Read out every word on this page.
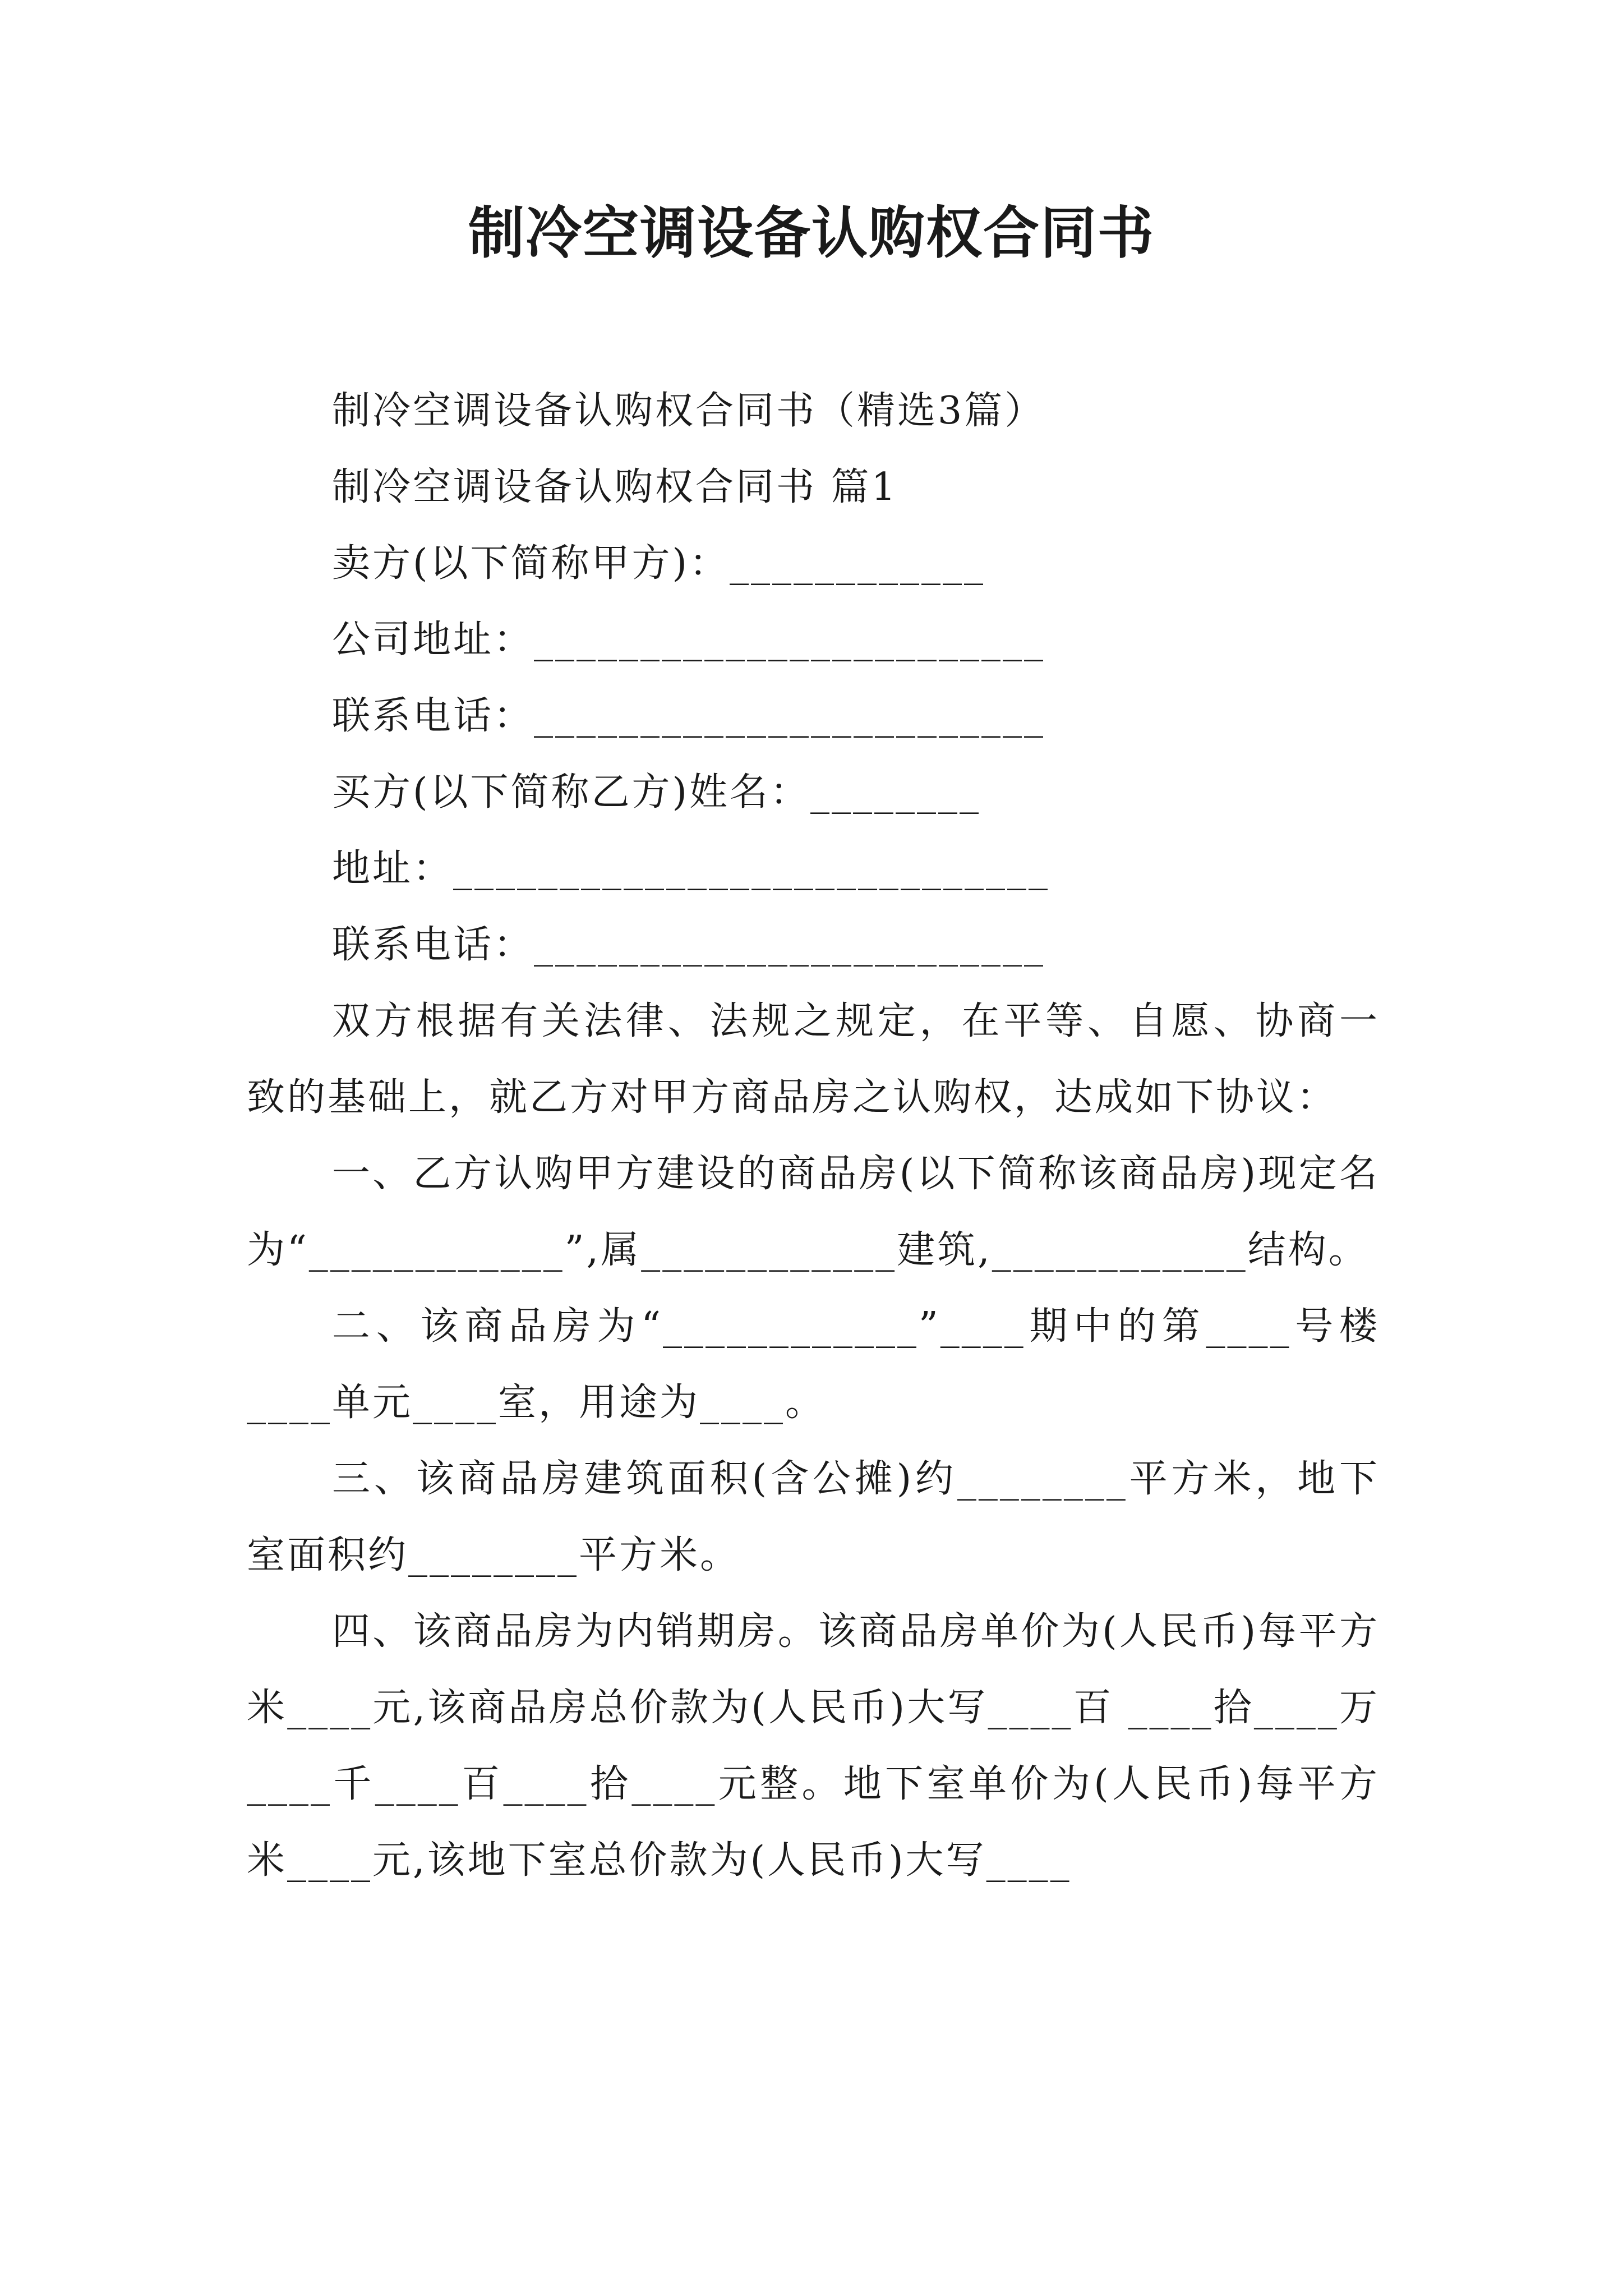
制冷空调设备认购权合同书

制冷空调设备认购权合同书（精选3篇）

制冷空调设备认购权合同书 篇1

卖方(以下简称甲方)：____________

公司地址：________________________

联系电话：________________________

买方(以下简称乙方)姓名：________

地址：____________________________

联系电话：________________________

双方根据有关法律、法规之规定，在平等、自愿、协商一致的基础上，就乙方对甲方商品房之认购权，达成如下协议：

一、乙方认购甲方建设的商品房(以下简称该商品房)现定名为“____________”,属____________建筑,____________结构。

二、该商品房为“____________”____期中的第____号楼____单元____室，用途为____。

三、该商品房建筑面积(含公摊)约________平方米，地下室面积约________平方米。

四、该商品房为内销期房。该商品房单价为(人民币)每平方米____元,该商品房总价款为(人民币)大写____百 ____拾____万____千____百____拾____元整。地下室单价为(人民币)每平方米____元,该地下室总价款为(人民币)大写____
